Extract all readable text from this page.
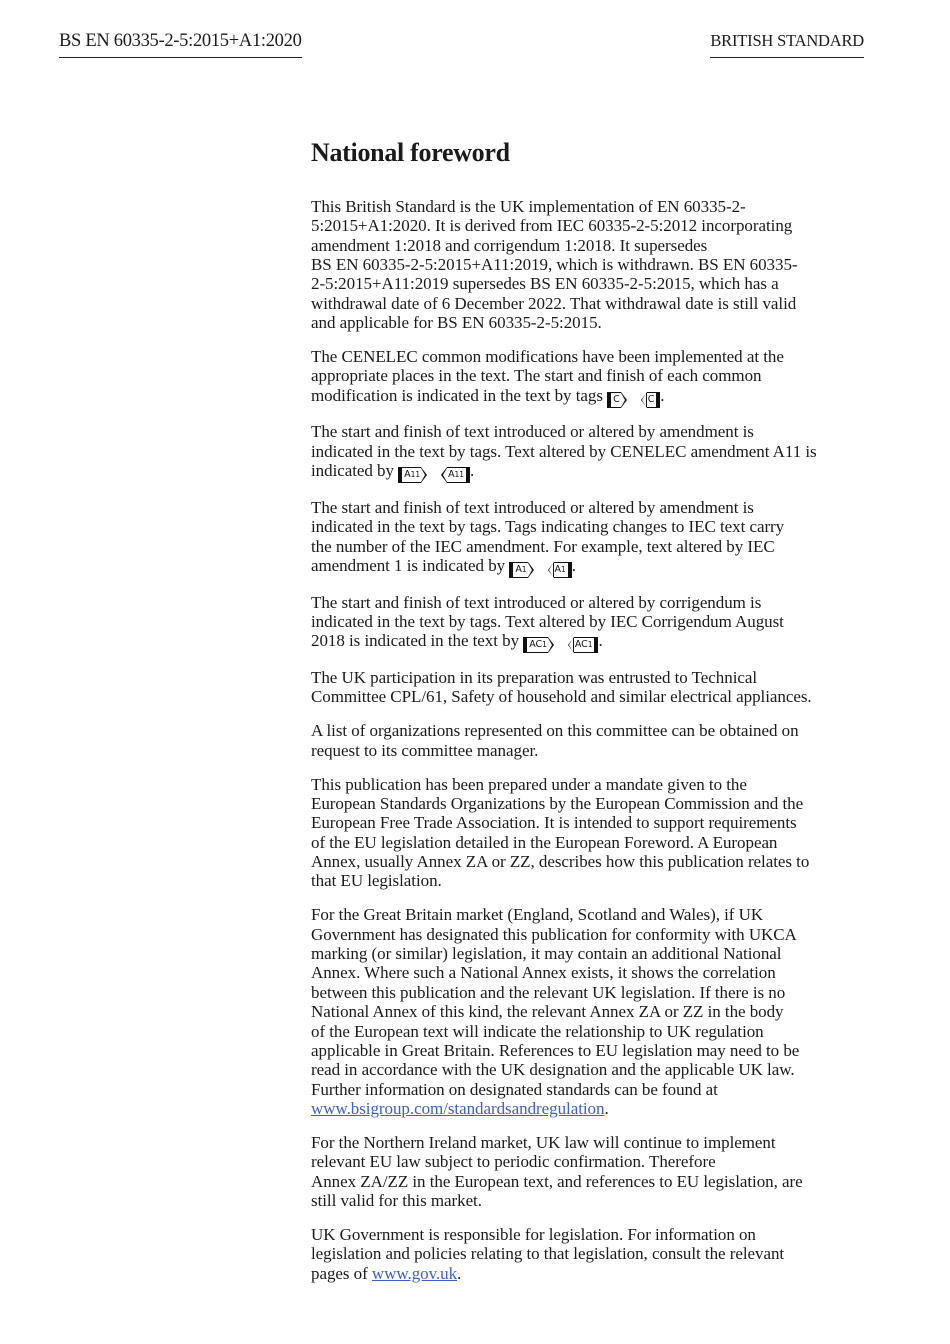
BS EN 60335-2-5:2015+A1:2020	BRITISH STANDARD
National foreword

This British Standard is the UK implementation of EN 60335-2-
5:2015+A1:2020. It is derived from IEC 60335-2-5:2012 incorporating
amendment 1:2018 and corrigendum 1:2018. It supersedes
BS EN 60335-2-5:2015+A11:2019, which is withdrawn. BS EN 60335-
2-5:2015+A11:2019 supersedes BS EN 60335-2-5:2015, which has a
withdrawal date of 6 December 2022. That withdrawal date is still valid
and applicable for BS EN 60335-2-5:2015.

The CENELEC common modifications have been implemented at the
appropriate places in the text. The start and finish of each common
modification is indicated in the text by tags C	C .

The start and finish of text introduced or altered by amendment is
indicated in the text by tags. Text altered by CENELEC amendment A11 is
indicated by A 11	A 11 .

The start and finish of text introduced or altered by amendment is
indicated in the text by tags. Tags indicating changes to IEC text carry
the number of the IEC amendment. For example, text altered by IEC
amendment 1 is indicated by A 1	A 1 .

The start and finish of text introduced or altered by corrigendum is
indicated in the text by tags. Text altered by IEC Corrigendum August
2018 is indicated in the text by AC 1	AC 1 .

The UK participation in its preparation was entrusted to Technical
Committee CPL/61, Safety of household and similar electrical appliances.

A list of organizations represented on this committee can be obtained on
request to its committee manager.

This publication has been prepared under a mandate given to the
European Standards Organizations by the European Commission and the
European Free Trade Association. It is intended to support requirements
of the EU legislation detailed in the European Foreword. A European
Annex, usually Annex ZA or ZZ, describes how this publication relates to
that EU legislation.

For the Great Britain market (England, Scotland and Wales), if UK
Government has designated this publication for conformity with UKCA
marking (or similar) legislation, it may contain an additional National
Annex. Where such a National Annex exists, it shows the correlation
between this publication and the relevant UK legislation. If there is no
National Annex of this kind, the relevant Annex ZA or ZZ in the body
of the European text will indicate the relationship to UK regulation
applicable in Great Britain. References to EU legislation may need to be
read in accordance with the UK designation and the applicable UK law.
Further information on designated standards can be found at
www.bsigroup.com/standardsandregulation.

For the Northern Ireland market, UK law will continue to implement
relevant EU law subject to periodic confirmation. Therefore
Annex ZA/ZZ in the European text, and references to EU legislation, are
still valid for this market.

UK Government is responsible for legislation. For information on
legislation and policies relating to that legislation, consult the relevant
pages of www.gov.uk.
